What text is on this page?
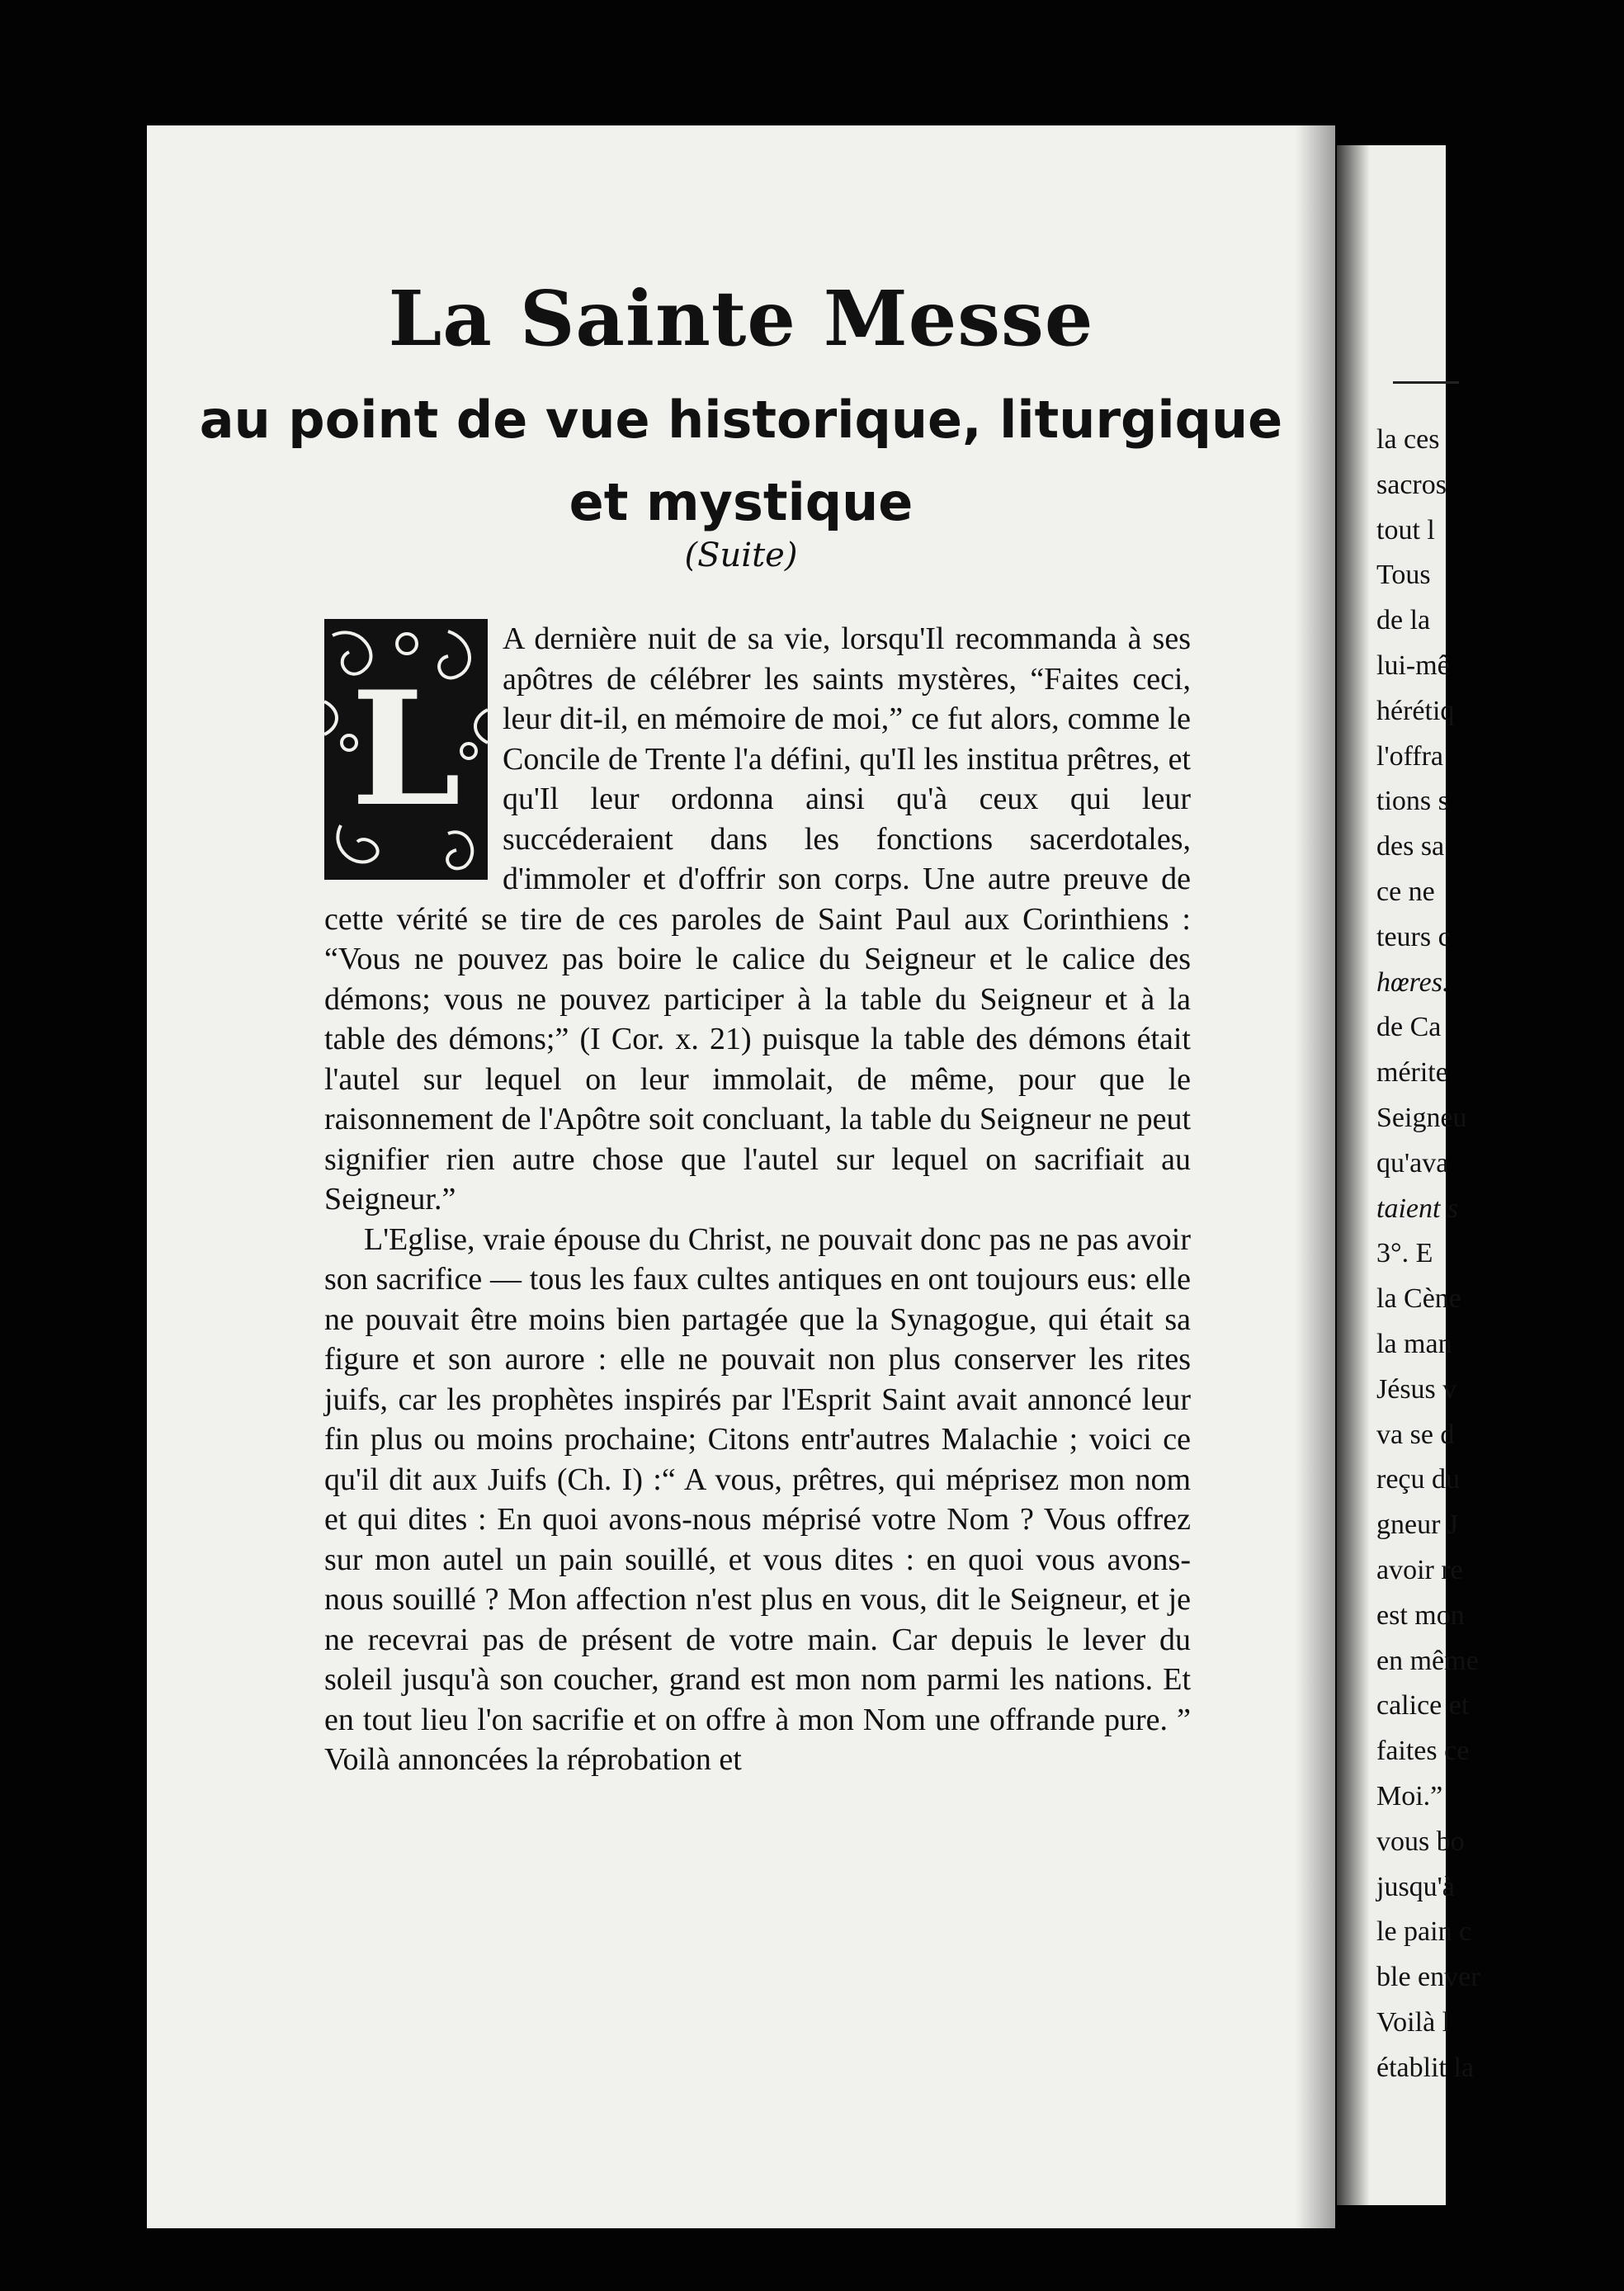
La Sainte Messe
au point de vue historique, liturgique
et mystique
(Suite)
L

A dernière nuit de sa vie, lorsqu'Il recommanda à ses apôtres de célébrer les saints mystères, “Faites ceci, leur dit-il, en mémoire de moi,” ce fut alors, comme le Concile de Trente l'a défini, qu'Il les institua prêtres, et qu'Il leur ordonna ainsi qu'à ceux qui leur succéderaient dans les fonctions sacerdotales, d'immoler et d'offrir son corps. Une autre preuve de cette vérité se tire de ces paroles de Saint Paul aux Corinthiens : “Vous ne pouvez pas boire le calice du Seigneur et le calice des démons; vous ne pouvez participer à la table du Seigneur et à la table des démons;” (I Cor. x. 21) puisque la table des démons était l'autel sur lequel on leur immolait, de même, pour que le raisonnement de l'Apôtre soit concluant, la table du Seigneur ne peut signifier rien autre chose que l'autel sur lequel on sacrifiait au Seigneur.”

L'Eglise, vraie épouse du Christ, ne pouvait donc pas ne pas avoir son sacrifice — tous les faux cultes antiques en ont toujours eus: elle ne pouvait être moins bien partagée que la Synagogue, qui était sa figure et son aurore : elle ne pouvait non plus conserver les rites juifs, car les prophètes inspirés par l'Esprit Saint avait annoncé leur fin plus ou moins prochaine; Citons entr'autres Malachie ; voici ce qu'il dit aux Juifs (Ch. I) :“ A vous, prêtres, qui méprisez mon nom et qui dites : En quoi avons-nous méprisé votre Nom ? Vous offrez sur mon autel un pain souillé, et vous dites : en quoi vous avons-nous souillé ? Mon affection n'est plus en vous, dit le Seigneur, et je ne recevrai pas de présent de votre main. Car depuis le lever du soleil jusqu'à son coucher, grand est mon nom parmi les nations. Et en tout lieu l'on sacrifie et on offre à mon Nom une offrande pure. ” Voilà annoncées la réprobation et

la ces
sacros
tout l
Tous
de la
lui-mê
hérétiq
l'offra
tions s
des sa
ce ne
teurs c
hœres.
de Ca
mérite
Seigneu
qu'ava
taient s
3°. E
la Cène
la man
Jésus v
va se d
reçu du
gneur J
avoir re
est mon
en même
calice et
faites ce
Moi.”
vous bo
jusqu'à
le pain c
ble enver
Voilà l
établit la
